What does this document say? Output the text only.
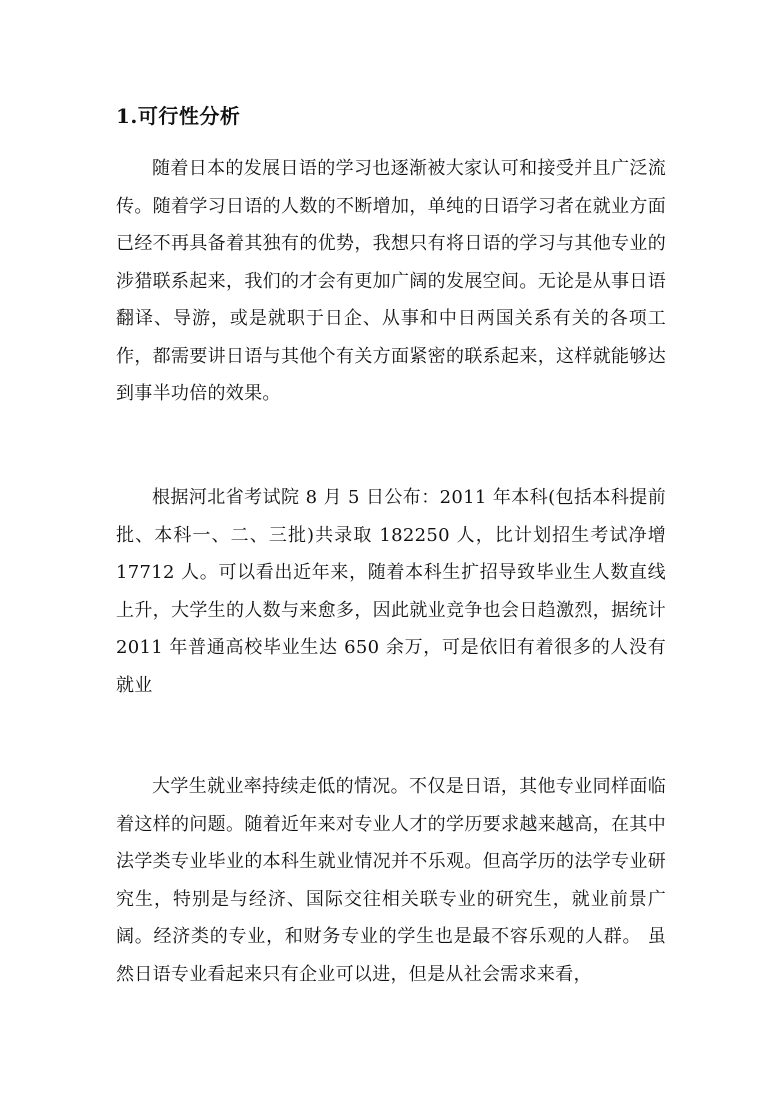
1.可行性分析

随着日本的发展日语的学习也逐渐被大家认可和接受并且广泛流传。随着学习日语的人数的不断增加，单纯的日语学习者在就业方面已经不再具备着其独有的优势，我想只有将日语的学习与其他专业的涉猎联系起来，我们的才会有更加广阔的发展空间。无论是从事日语翻译、导游，或是就职于日企、从事和中日两国关系有关的各项工作，都需要讲日语与其他个有关方面紧密的联系起来，这样就能够达到事半功倍的效果。

根据河北省考试院 8 月 5 日公布：2011 年本科(包括本科提前批、本科一、二、三批)共录取 182250 人，比计划招生考试净增 17712 人。可以看出近年来，随着本科生扩招导致毕业生人数直线上升，大学生的人数与来愈多，因此就业竞争也会日趋激烈，据统计 2011 年普通高校毕业生达 650 余万，可是依旧有着很多的人没有就业

大学生就业率持续走低的情况。不仅是日语，其他专业同样面临着这样的问题。随着近年来对专业人才的学历要求越来越高，在其中法学类专业毕业的本科生就业情况并不乐观。但高学历的法学专业研究生，特别是与经济、国际交往相关联专业的研究生，就业前景广阔。经济类的专业，和财务专业的学生也是最不容乐观的人群。 虽然日语专业看起来只有企业可以进，但是从社会需求来看，
